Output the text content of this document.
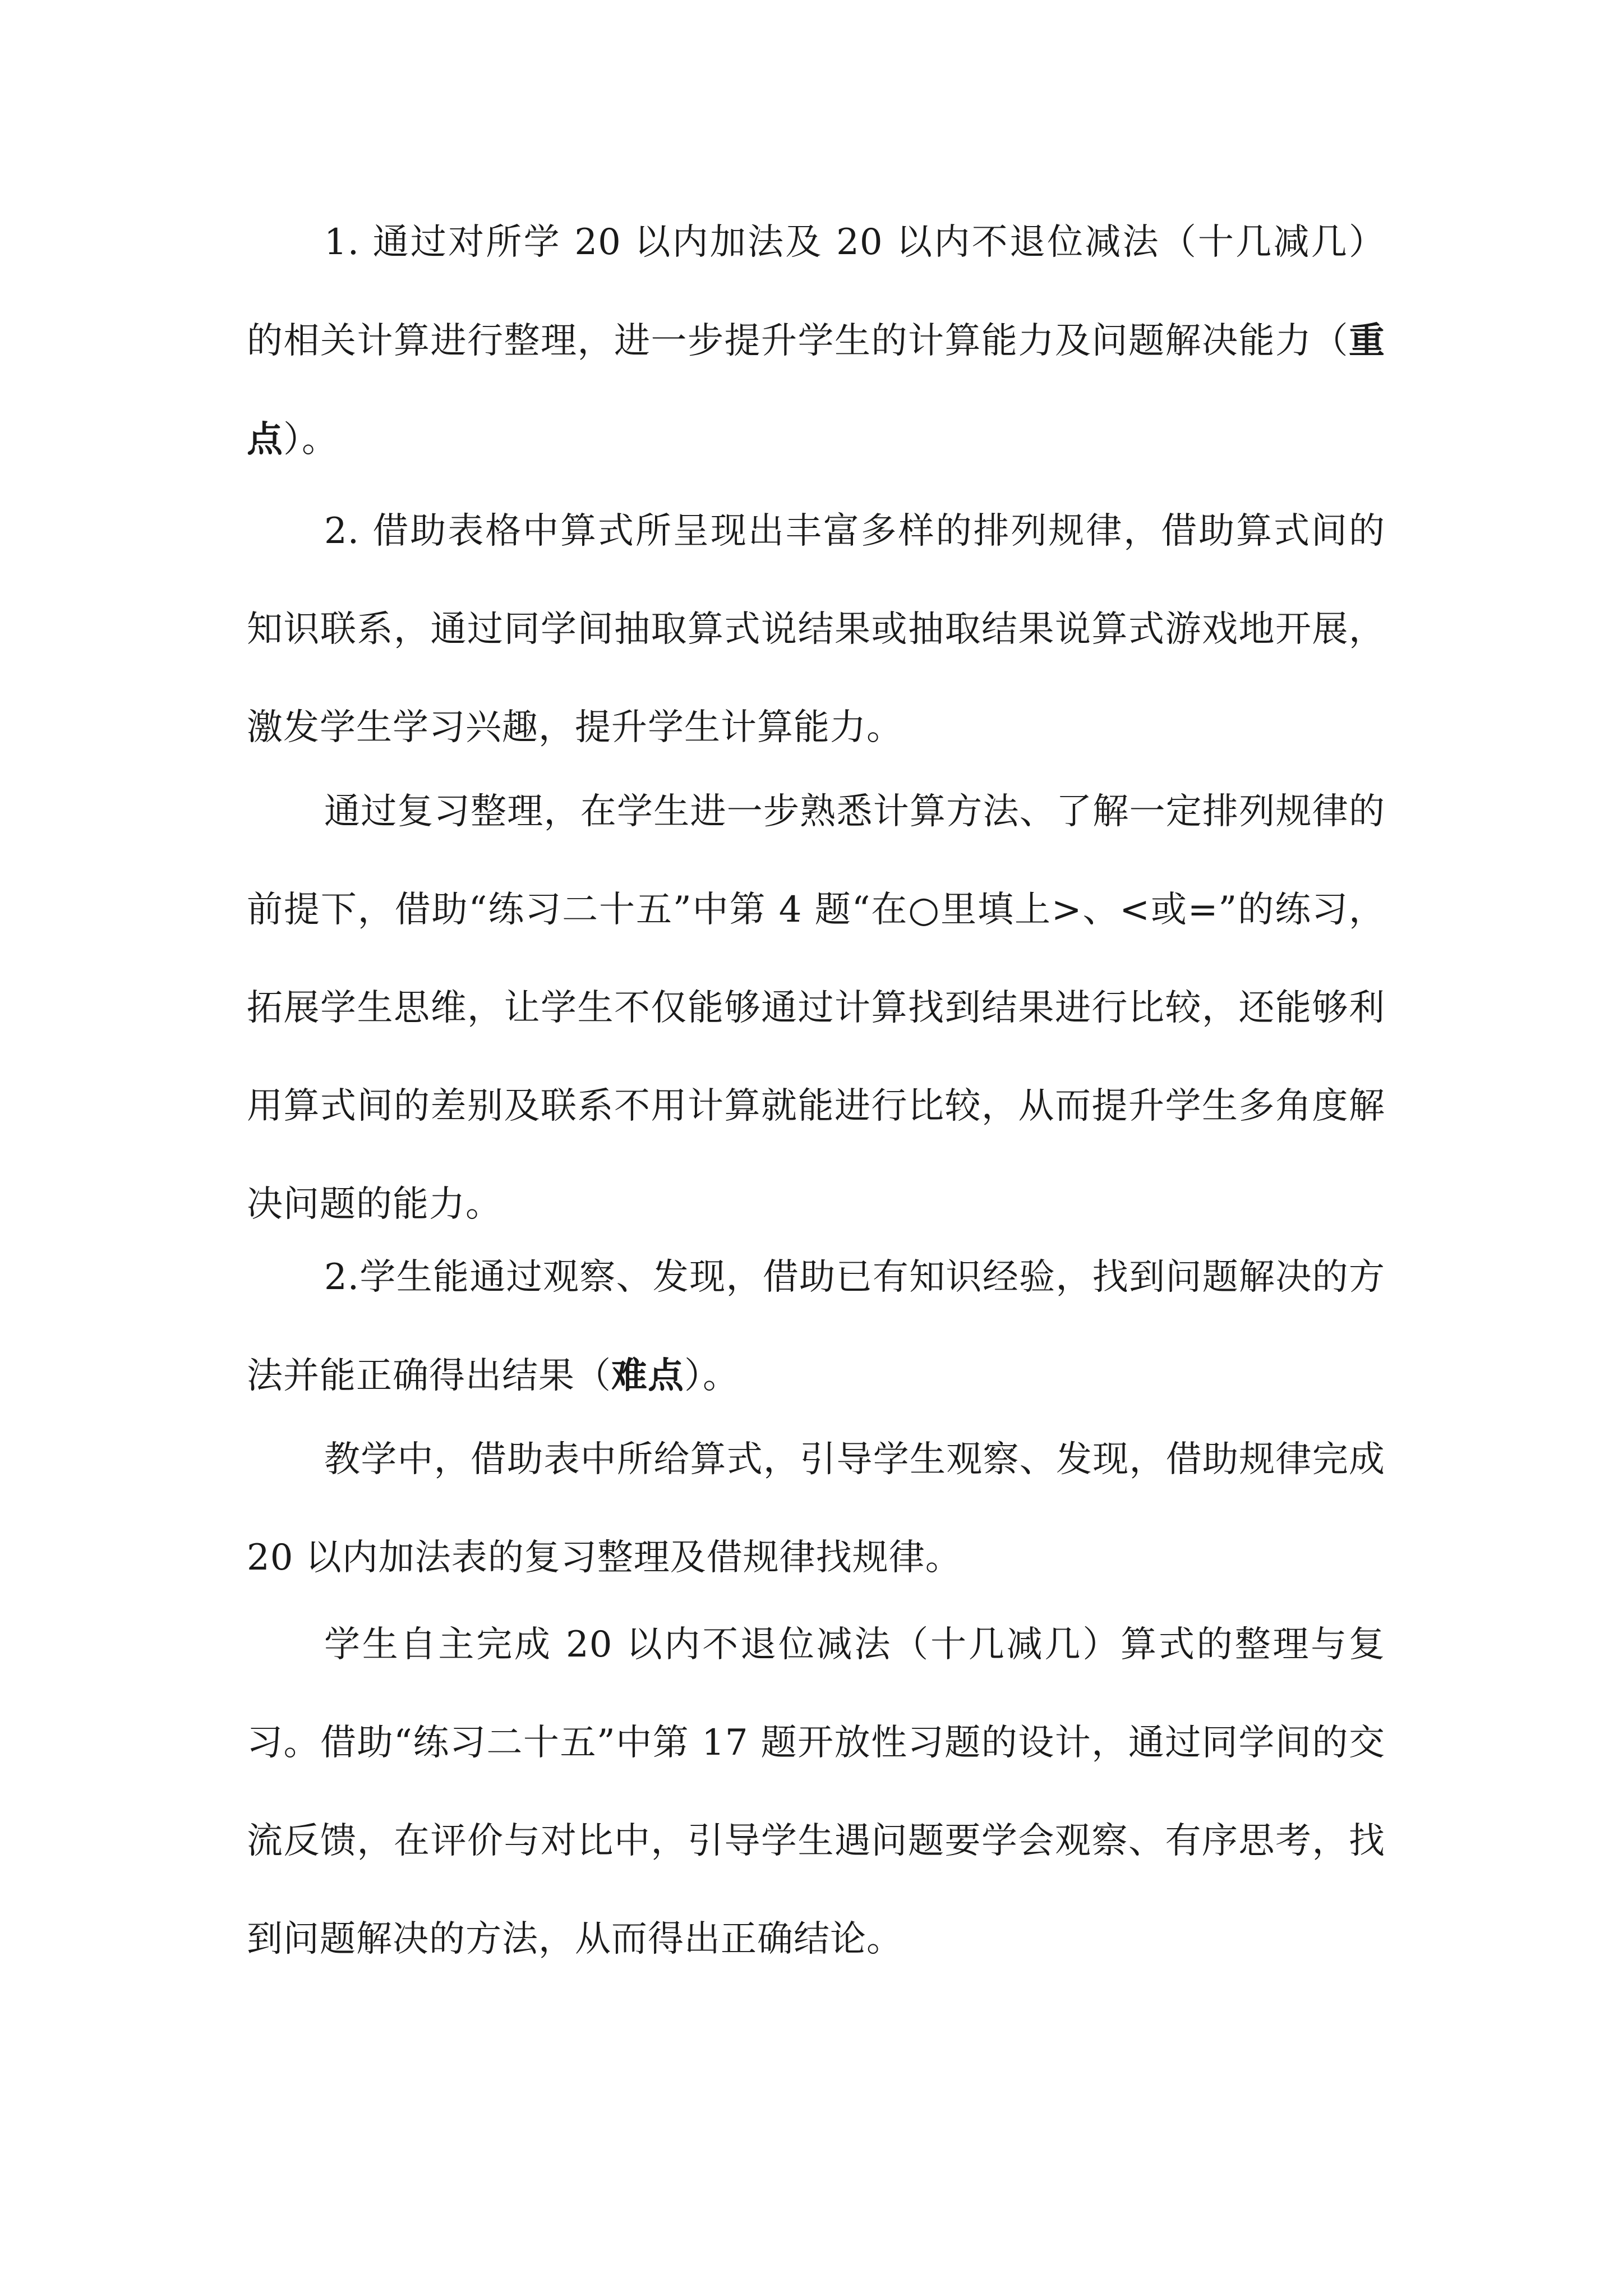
1. 通过对所学 20 以内加法及 20 以内不退位减法（十几减几）的相关计算进行整理，进一步提升学生的计算能力及问题解决能力（重点）。

2. 借助表格中算式所呈现出丰富多样的排列规律，借助算式间的知识联系，通过同学间抽取算式说结果或抽取结果说算式游戏地开展，激发学生学习兴趣，提升学生计算能力。

通过复习整理，在学生进一步熟悉计算方法、了解一定排列规律的前提下，借助“练习二十五”中第 4 题“在○里填上>、<或=”的练习，拓展学生思维，让学生不仅能够通过计算找到结果进行比较，还能够利用算式间的差别及联系不用计算就能进行比较，从而提升学生多角度解决问题的能力。

2.学生能通过观察、发现，借助已有知识经验，找到问题解决的方法并能正确得出结果（难点）。

教学中，借助表中所给算式，引导学生观察、发现，借助规律完成 20 以内加法表的复习整理及借规律找规律。

学生自主完成 20 以内不退位减法（十几减几）算式的整理与复习。借助“练习二十五”中第 17 题开放性习题的设计，通过同学间的交流反馈，在评价与对比中，引导学生遇问题要学会观察、有序思考，找到问题解决的方法，从而得出正确结论。
